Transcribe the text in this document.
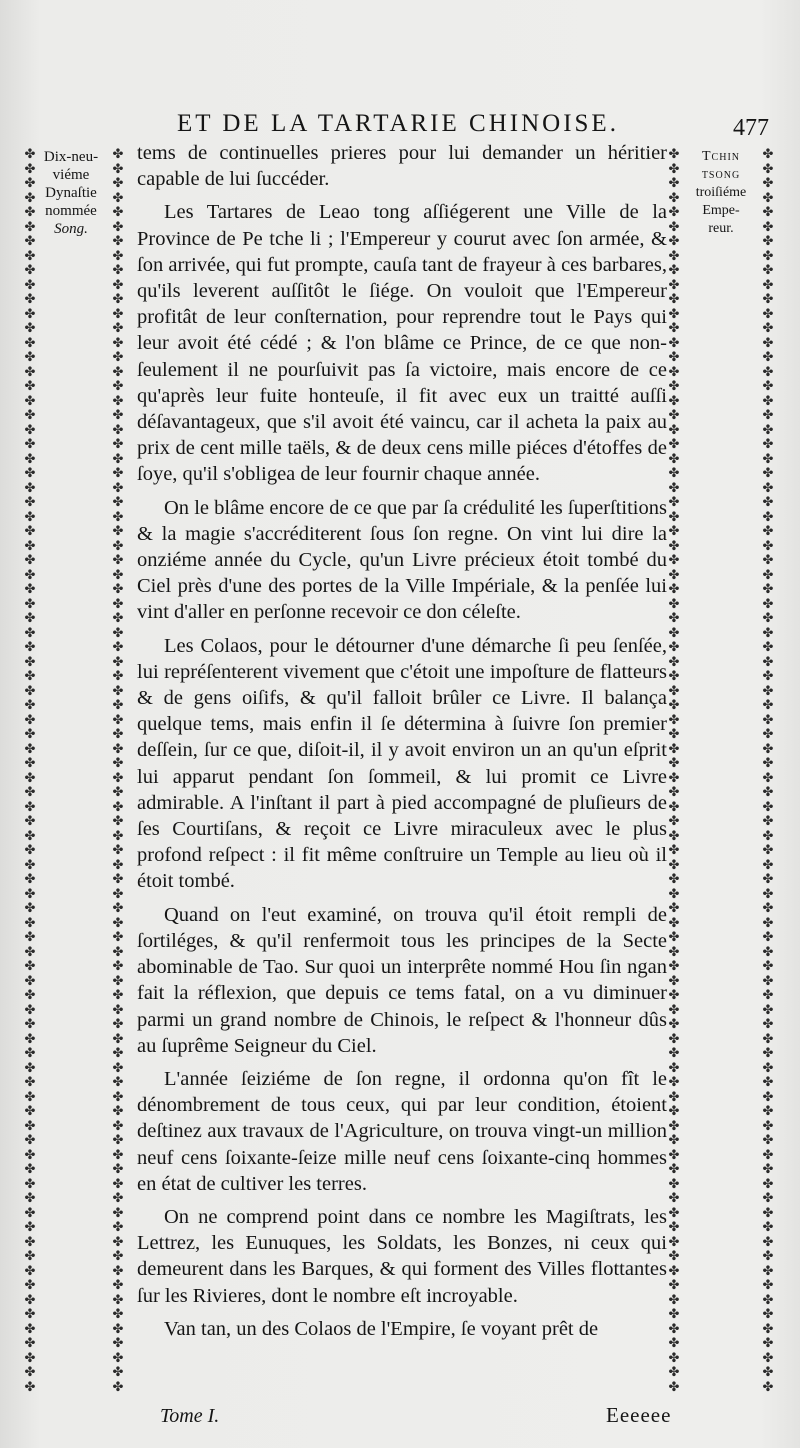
ET DE LA TARTARIE CHINOISE.	477
✤
✤
✤
✤
✤
✤
✤
✤
✤
✤
✤
✤
✤
✤
✤
✤
✤
✤
✤
✤
✤
✤
✤
✤
✤
✤
✤
✤
✤
✤
✤
✤
✤
✤
✤
✤
✤
✤
✤
✤
✤
✤
✤
✤
✤
✤
✤
✤
✤
✤
✤
✤
✤
✤
✤
✤
✤
✤
✤
✤
✤
✤
✤
✤
✤
✤
✤
✤
✤
✤
✤
✤
✤
✤
✤
✤
✤
✤
✤
✤
✤
✤
✤
✤
✤
✤
✤
✤
✤
✤
✤
✤
✤
✤
✤
✤
✤
✤
✤
✤
✤
✤
✤
✤
✤
✤
✤
✤
✤
✤
✤
✤
✤
✤
✤
✤
✤
✤
✤
✤
✤
✤
✤
✤
✤
✤
✤
✤
✤
✤
✤
✤
✤
✤
✤
✤
✤
✤
✤
✤
✤
✤
✤
✤
✤
✤
✤
✤
✤
✤
✤
✤
✤
✤
✤
✤
✤
✤
✤
✤
✤
✤
✤
✤
✤
✤
✤
✤
✤
✤
✤
✤
✤
✤
✤
✤
✤
✤
✤
✤
✤
✤
✤
✤
✤
✤
✤
✤
✤
✤
✤
✤
✤
✤
✤
✤
✤
✤
✤
✤
✤
✤
✤
✤
✤
✤
✤
✤
✤
✤
✤
✤
✤
✤
✤
✤
✤
✤
✤
✤
✤
✤
✤
✤
✤
✤
✤
✤
✤
✤
✤
✤
✤
✤
✤
✤
✤
✤
✤
✤
✤
✤
✤
✤
✤
✤
✤
✤
✤
✤
✤
✤
✤
✤
✤
✤
✤
✤
✤
✤
✤
✤
✤
✤
✤
✤
✤
✤
✤
✤
✤
✤
✤
✤
✤
✤
✤
✤
✤
✤
✤
✤
✤
✤
✤
✤
✤
✤
✤
✤
✤
✤
✤
✤
✤
✤
✤
✤
✤
✤
✤
✤
✤
✤
✤
✤
✤
✤
✤
✤
✤
✤
✤
✤
✤
✤
✤
✤
✤
✤
✤
✤
✤
✤
✤
✤
✤
✤
✤
✤
✤
✤
✤
✤
✤
✤
✤
✤
✤
✤
✤
✤
✤
✤
Dix-neu-
viéme
Dynaſtie
nommée
Song.
Tchin
tsong
troiſiéme
Empe-
reur.

tems de continuelles prieres pour lui demander un héritier capable de lui ſuccéder.

Les Tartares de Leao tong aſſiégerent une Ville de la Province de Pe tche li ; l'Empereur y courut avec ſon armée, & ſon arrivée, qui fut prompte, cauſa tant de frayeur à ces barbares, qu'ils leverent auſſitôt le ſiége. On vouloit que l'Empereur profitât de leur conſternation, pour reprendre tout le Pays qui leur avoit été cédé ; & l'on blâme ce Prince, de ce que non-ſeulement il ne pourſuivit pas ſa victoire, mais encore de ce qu'après leur fuite honteuſe, il fit avec eux un traitté auſſi déſavantageux, que s'il avoit été vaincu, car il acheta la paix au prix de cent mille taëls, & de deux cens mille piéces d'étoffes de ſoye, qu'il s'obligea de leur fournir chaque année.

On le blâme encore de ce que par ſa crédulité les ſuperſtitions & la magie s'accréditerent ſous ſon regne. On vint lui dire la onziéme année du Cycle, qu'un Livre précieux étoit tombé du Ciel près d'une des portes de la Ville Impériale, & la penſée lui vint d'aller en perſonne recevoir ce don céleſte.

Les Colaos, pour le détourner d'une démarche ſi peu ſenſée, lui repréſenterent vivement que c'étoit une impoſture de flatteurs & de gens oiſifs, & qu'il falloit brûler ce Livre. Il balança quelque tems, mais enfin il ſe détermina à ſuivre ſon premier deſſein, ſur ce que, diſoit-il, il y avoit environ un an qu'un eſprit lui apparut pendant ſon ſommeil, & lui promit ce Livre admirable. A l'inſtant il part à pied accompagné de pluſieurs de ſes Courtiſans, & reçoit ce Livre miraculeux avec le plus profond reſpect : il fit même conſtruire un Temple au lieu où il étoit tombé.

Quand on l'eut examiné, on trouva qu'il étoit rempli de ſortiléges, & qu'il renfermoit tous les principes de la Secte abominable de Tao. Sur quoi un interprête nommé Hou ſin ngan fait la réflexion, que depuis ce tems fatal, on a vu diminuer parmi un grand nombre de Chinois, le reſpect & l'honneur dûs au ſuprême Seigneur du Ciel.

L'année ſeiziéme de ſon regne, il ordonna qu'on fît le dénombrement de tous ceux, qui par leur condition, étoient deſtinez aux travaux de l'Agriculture, on trouva vingt-un million neuf cens ſoixante-ſeize mille neuf cens ſoixante-cinq hommes en état de cultiver les terres.

On ne comprend point dans ce nombre les Magiſtrats, les Lettrez, les Eunuques, les Soldats, les Bonzes, ni ceux qui demeurent dans les Barques, & qui forment des Villes flottantes ſur les Rivieres, dont le nombre eſt incroyable.

Van tan, un des Colaos de l'Empire, ſe voyant prêt de

Tome I.	Eeeeee
